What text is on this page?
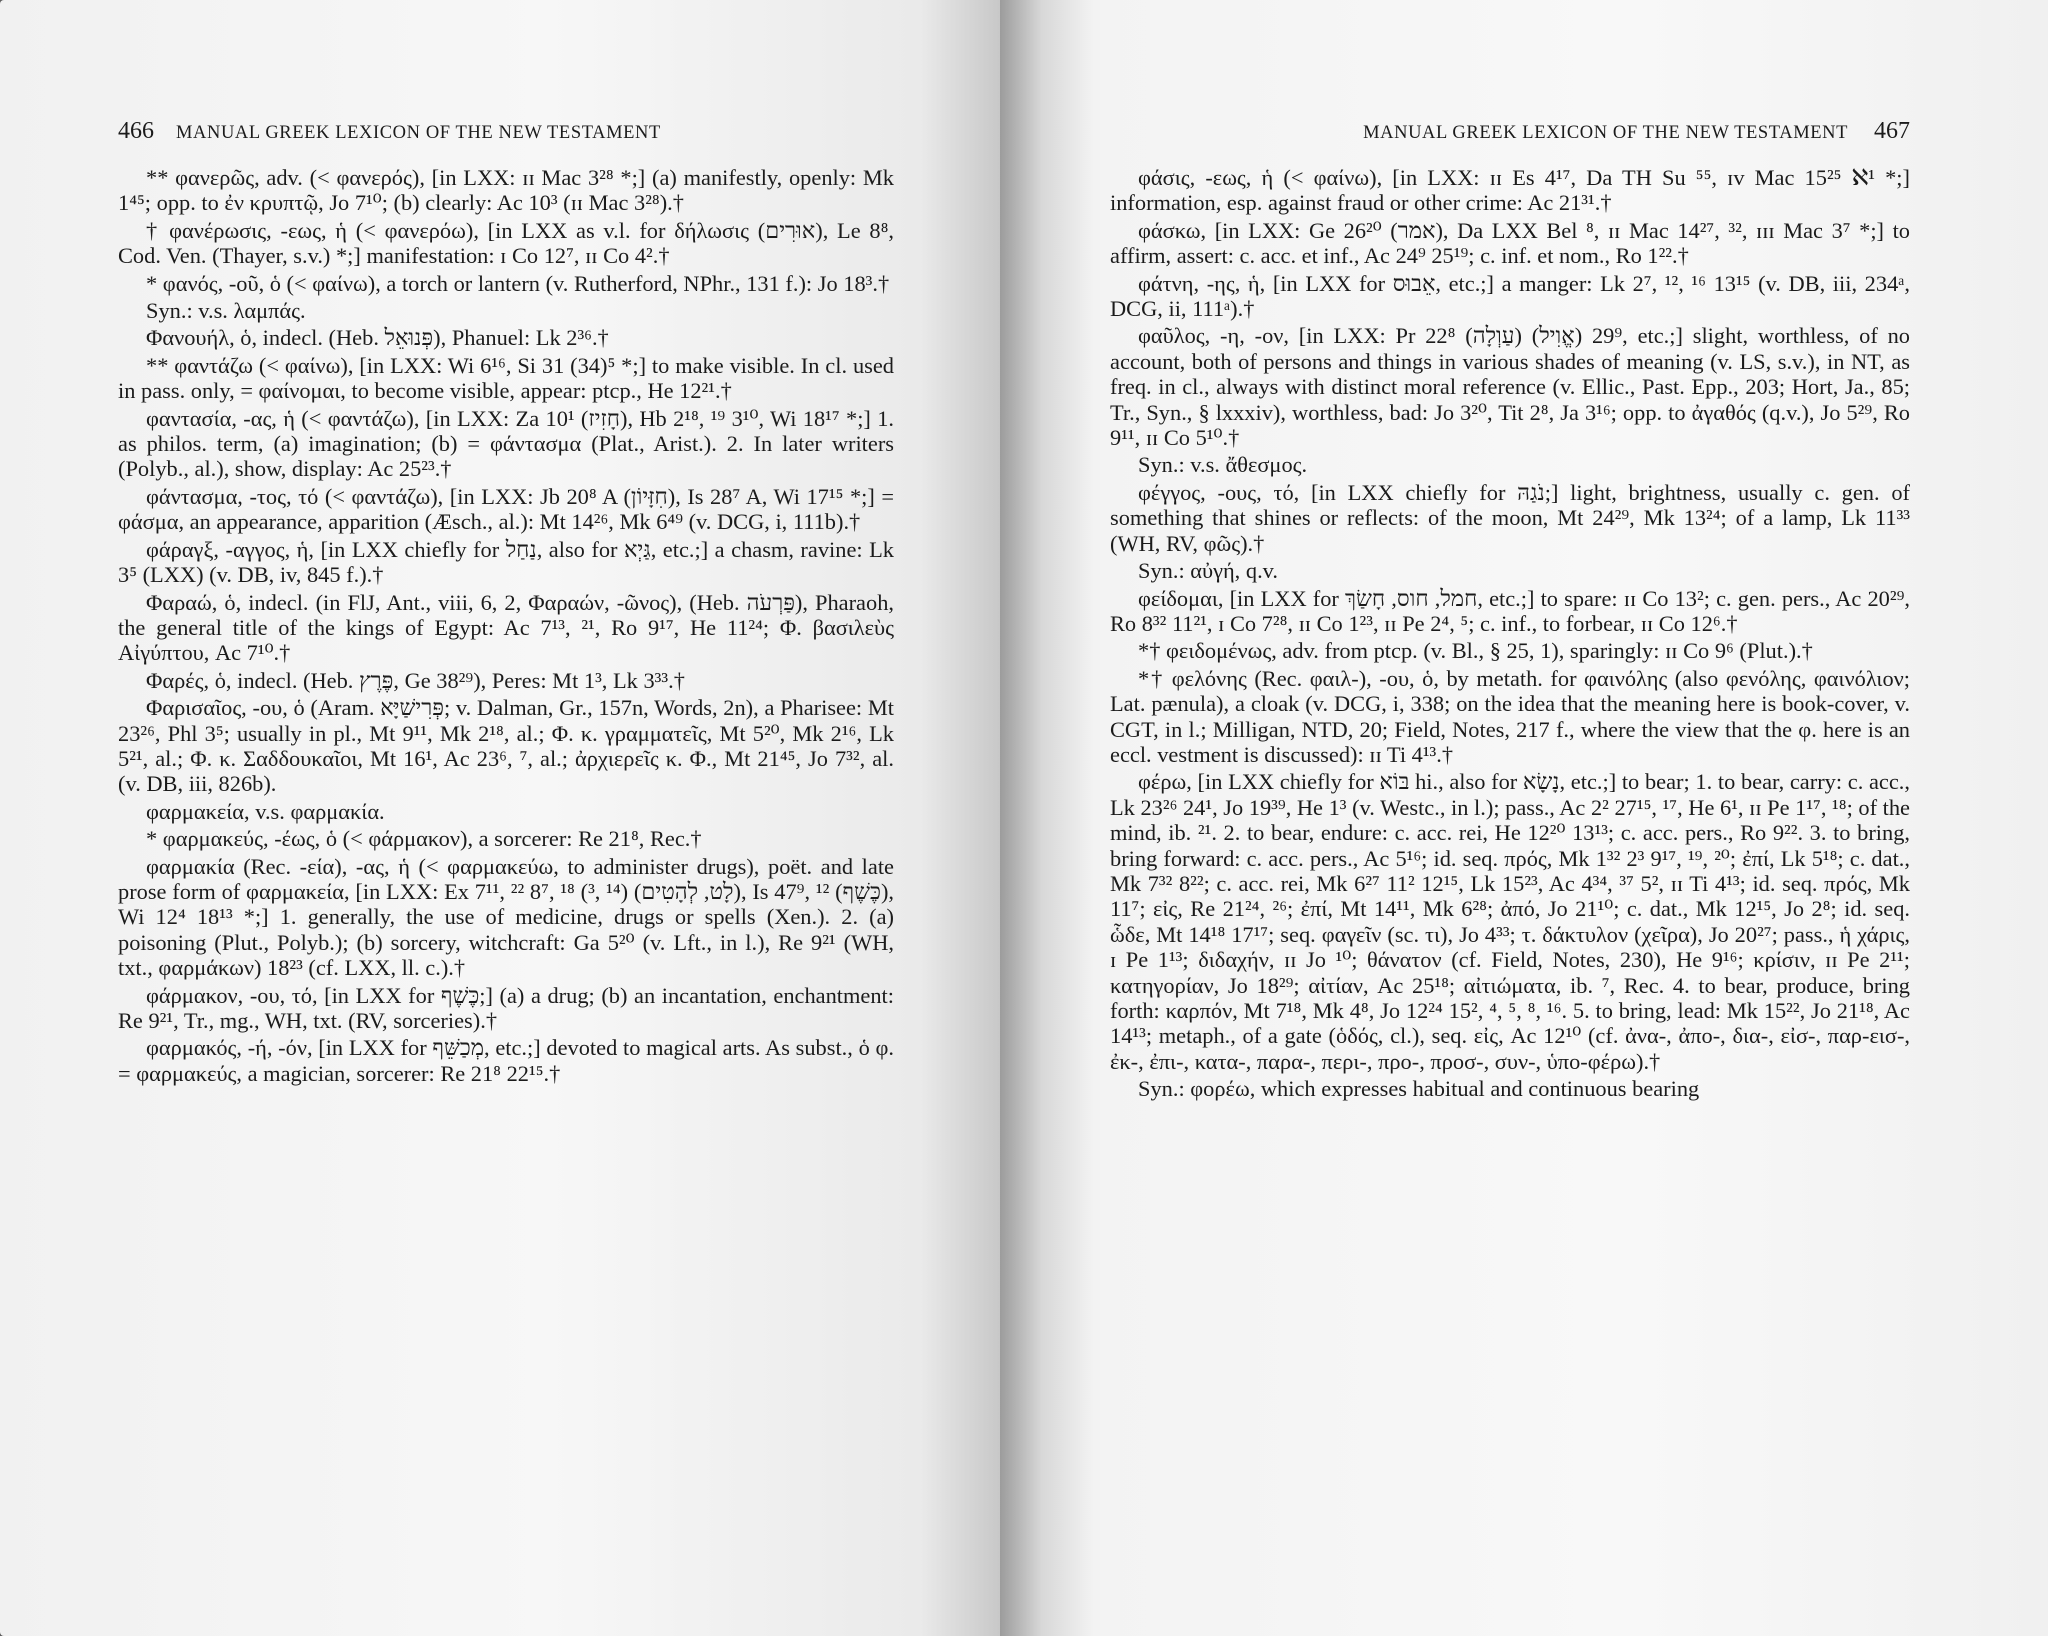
466 MANUAL GREEK LEXICON OF THE NEW TESTAMENT

** φανερῶς, adv. (< φανερός), [in LXX: ɪɪ Mac 3²⁸ *;] (a) manifestly, openly: Mk 1⁴⁵; opp. to ἐν κρυπτῷ, Jo 7¹⁰; (b) clearly: Ac 10³ (ɪɪ Mac 3²⁸).†

† φανέρωσις, -εως, ἡ (< φανερόω), [in LXX as v.l. for δήλωσις (אוּרִים), Le 8⁸, Cod. Ven. (Thayer, s.v.) *;] manifestation: ɪ Co 12⁷, ɪɪ Co 4².†

* φανός, -οῦ, ὁ (< φαίνω), a torch or lantern (v. Rutherford, NPhr., 131 f.): Jo 18³.†

Syn.: v.s. λαμπάς.

Φανουήλ, ὁ, indecl. (Heb. פְּנוּאֵל), Phanuel: Lk 2³⁶.†

** φαντάζω (< φαίνω), [in LXX: Wi 6¹⁶, Si 31 (34)⁵ *;] to make visible. In cl. used in pass. only, = φαίνομαι, to become visible, appear: ptcp., He 12²¹.†

φαντασία, -ας, ἡ (< φαντάζω), [in LXX: Za 10¹ (חָזִיז), Hb 2¹⁸, ¹⁹ 3¹⁰, Wi 18¹⁷ *;] 1. as philos. term, (a) imagination; (b) = φάντασμα (Plat., Arist.). 2. In later writers (Polyb., al.), show, display: Ac 25²³.†

φάντασμα, -τος, τό (< φαντάζω), [in LXX: Jb 20⁸ A (חִזָּיוֹן), Is 28⁷ A, Wi 17¹⁵ *;] = φάσμα, an appearance, apparition (Æsch., al.): Mt 14²⁶, Mk 6⁴⁹ (v. DCG, i, 111b).†

φάραγξ, -αγγος, ἡ, [in LXX chiefly for נַחַל, also for גַּיְא, etc.;] a chasm, ravine: Lk 3⁵ (LXX) (v. DB, iv, 845 f.).†

Φαραώ, ὁ, indecl. (in FlJ, Ant., viii, 6, 2, Φαραών, -ῶνος), (Heb. פַּרְעֹה), Pharaoh, the general title of the kings of Egypt: Ac 7¹³, ²¹, Ro 9¹⁷, He 11²⁴; Φ. βασιλεὺς Αἰγύπτου, Ac 7¹⁰.†

Φαρές, ὁ, indecl. (Heb. פֶּרֶץ, Ge 38²⁹), Peres: Mt 1³, Lk 3³³.†

Φαρισαῖος, -ου, ὁ (Aram. פְּרִישַׁיָּא; v. Dalman, Gr., 157n, Words, 2n), a Pharisee: Mt 23²⁶, Phl 3⁵; usually in pl., Mt 9¹¹, Mk 2¹⁸, al.; Φ. κ. γραμματεῖς, Mt 5²⁰, Mk 2¹⁶, Lk 5²¹, al.; Φ. κ. Σαδδουκαῖοι, Mt 16¹, Ac 23⁶, ⁷, al.; ἀρχιερεῖς κ. Φ., Mt 21⁴⁵, Jo 7³², al. (v. DB, iii, 826b).

φαρμακεία, v.s. φαρμακία.

* φαρμακεύς, -έως, ὁ (< φάρμακον), a sorcerer: Re 21⁸, Rec.†

φαρμακία (Rec. -εία), -ας, ἡ (< φαρμακεύω, to administer drugs), poët. and late prose form of φαρμακεία, [in LXX: Ex 7¹¹, ²² 8⁷, ¹⁸ (³, ¹⁴) (לָט, לְהָטִים), Is 47⁹, ¹² (כֶּשֶׁף), Wi 12⁴ 18¹³ *;] 1. generally, the use of medicine, drugs or spells (Xen.). 2. (a) poisoning (Plut., Polyb.); (b) sorcery, witchcraft: Ga 5²⁰ (v. Lft., in l.), Re 9²¹ (WH, txt., φαρμάκων) 18²³ (cf. LXX, ll. c.).†

φάρμακον, -ου, τό, [in LXX for כֶּשֶׁף;] (a) a drug; (b) an incantation, enchantment: Re 9²¹, Tr., mg., WH, txt. (RV, sorceries).†

φαρμακός, -ή, -όν, [in LXX for מְכַשֵּׁף, etc.;] devoted to magical arts. As subst., ὁ φ. = φαρμακεύς, a magician, sorcerer: Re 21⁸ 22¹⁵.†

MANUAL GREEK LEXICON OF THE NEW TESTAMENT 467

φάσις, -εως, ἡ (< φαίνω), [in LXX: ɪɪ Es 4¹⁷, Da TH Su ⁵⁵, ɪv Mac 15²⁵ ℵ¹ *;] information, esp. against fraud or other crime: Ac 21³¹.†

φάσκω, [in LXX: Ge 26²⁰ (אמר), Da LXX Bel ⁸, ɪɪ Mac 14²⁷, ³², ɪɪɪ Mac 3⁷ *;] to affirm, assert: c. acc. et inf., Ac 24⁹ 25¹⁹; c. inf. et nom., Ro 1²².†

φάτνη, -ης, ἡ, [in LXX for אֵבוּס, etc.;] a manger: Lk 2⁷, ¹², ¹⁶ 13¹⁵ (v. DB, iii, 234ᵃ, DCG, ii, 111ᵃ).†

φαῦλος, -η, -ον, [in LXX: Pr 22⁸ (עַוְלָה) 29⁹ (אֱוִיל), etc.;] slight, worthless, of no account, both of persons and things in various shades of meaning (v. LS, s.v.), in NT, as freq. in cl., always with distinct moral reference (v. Ellic., Past. Epp., 203; Hort, Ja., 85; Tr., Syn., § lxxxiv), worthless, bad: Jo 3²⁰, Tit 2⁸, Ja 3¹⁶; opp. to ἀγαθός (q.v.), Jo 5²⁹, Ro 9¹¹, ɪɪ Co 5¹⁰.†

Syn.: v.s. ἄθεσμος.

φέγγος, -ους, τό, [in LXX chiefly for נֹגַהּ;] light, brightness, usually c. gen. of something that shines or reflects: of the moon, Mt 24²⁹, Mk 13²⁴; of a lamp, Lk 11³³ (WH, RV, φῶς).†

Syn.: αὐγή, q.v.

φείδομαι, [in LXX for חמל, חוס, חָשַׂךְ, etc.;] to spare: ɪɪ Co 13²; c. gen. pers., Ac 20²⁹, Ro 8³² 11²¹, ɪ Co 7²⁸, ɪɪ Co 1²³, ɪɪ Pe 2⁴, ⁵; c. inf., to forbear, ɪɪ Co 12⁶.†

*† φειδομένως, adv. from ptcp. (v. Bl., § 25, 1), sparingly: ɪɪ Co 9⁶ (Plut.).†

*† φελόνης (Rec. φαιλ-), -ου, ὁ, by metath. for φαινόλης (also φενόλης, φαινόλιον; Lat. pænula), a cloak (v. DCG, i, 338; on the idea that the meaning here is book-cover, v. CGT, in l.; Milligan, NTD, 20; Field, Notes, 217 f., where the view that the φ. here is an eccl. vestment is discussed): ɪɪ Ti 4¹³.†

φέρω, [in LXX chiefly for בּוֹא hi., also for נָשָׂא, etc.;] to bear; 1. to bear, carry: c. acc., Lk 23²⁶ 24¹, Jo 19³⁹, He 1³ (v. Westc., in l.); pass., Ac 2² 27¹⁵, ¹⁷, He 6¹, ɪɪ Pe 1¹⁷, ¹⁸; of the mind, ib. ²¹. 2. to bear, endure: c. acc. rei, He 12²⁰ 13¹³; c. acc. pers., Ro 9²². 3. to bring, bring forward: c. acc. pers., Ac 5¹⁶; id. seq. πρός, Mk 1³² 2³ 9¹⁷, ¹⁹, ²⁰; ἐπί, Lk 5¹⁸; c. dat., Mk 7³² 8²²; c. acc. rei, Mk 6²⁷ 11² 12¹⁵, Lk 15²³, Ac 4³⁴, ³⁷ 5², ɪɪ Ti 4¹³; id. seq. πρός, Mk 11⁷; εἰς, Re 21²⁴, ²⁶; ἐπί, Mt 14¹¹, Mk 6²⁸; ἀπό, Jo 21¹⁰; c. dat., Mk 12¹⁵, Jo 2⁸; id. seq. ὧδε, Mt 14¹⁸ 17¹⁷; seq. φαγεῖν (sc. τι), Jo 4³³; τ. δάκτυλον (χεῖρα), Jo 20²⁷; pass., ἡ χάρις, ɪ Pe 1¹³; διδαχήν, ɪɪ Jo ¹⁰; θάνατον (cf. Field, Notes, 230), He 9¹⁶; κρίσιν, ɪɪ Pe 2¹¹; κατηγορίαν, Jo 18²⁹; αἰτίαν, Ac 25¹⁸; αἰτιώματα, ib. ⁷, Rec. 4. to bear, produce, bring forth: καρπόν, Mt 7¹⁸, Mk 4⁸, Jo 12²⁴ 15², ⁴, ⁵, ⁸, ¹⁶. 5. to bring, lead: Mk 15²², Jo 21¹⁸, Ac 14¹³; metaph., of a gate (ὁδός, cl.), seq. εἰς, Ac 12¹⁰ (cf. ἀνα-, ἀπο-, δια-, εἰσ-, παρ-εισ-, ἐκ-, ἐπι-, κατα-, παρα-, περι-, προ-, προσ-, συν-, ὑπο-φέρω).†

Syn.: φορέω, which expresses habitual and continuous bearing
